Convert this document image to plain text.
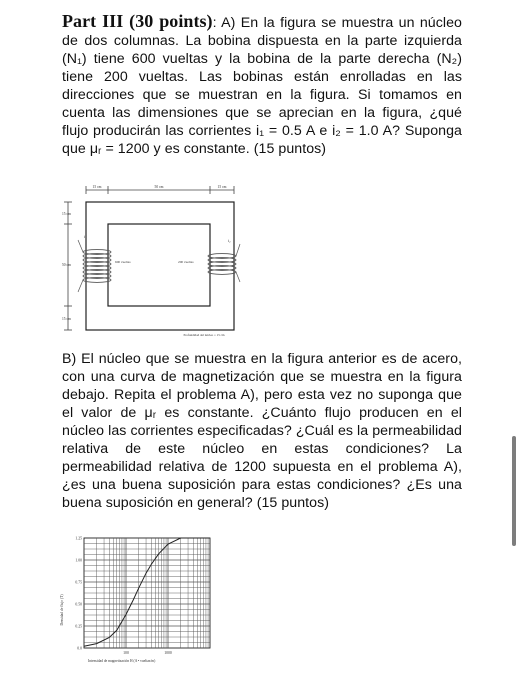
Part III (30 points): A) En la figura se muestra un núcleo de dos columnas. La bobina dispuesta en la parte izquierda (N₁) tiene 600 vueltas y la bobina de la parte derecha (N₂) tiene 200 vueltas. Las bobinas están enrolladas en las direcciones que se muestran en la figura. Si tomamos en cuenta las dimensiones que se aprecian en la figura, ¿qué flujo producirán las corrientes i₁ = 0.5 A e i₂ = 1.0 A? Suponga que μᵣ = 1200 y es constante. (15 puntos)
15 cm	50 cm	15 cm
15 cm
50 cm
15 cm
i₁
600 vueltas
i₂
200 vueltas
Profundidad del núcleo = 15 cm
B) El núcleo que se muestra en la figura anterior es de acero, con una curva de magnetización que se muestra en la figura debajo. Repita el problema A), pero esta vez no suponga que el valor de μᵣ es constante. ¿Cuánto flujo producen en el núcleo las corrientes especificadas? ¿Cuál es la permeabilidad relativa de este núcleo en estas condiciones? La permeabilidad relativa de 1200 supuesta en el problema A), ¿es una buena suposición para estas condiciones? ¿Es una buena suposición en general? (15 puntos)
0.0
0.25
0.50
0.75
1.00
1.25
100	1000
Densidad de flujo (T)
Intensidad de magnetización H (A • vueltas/m)
